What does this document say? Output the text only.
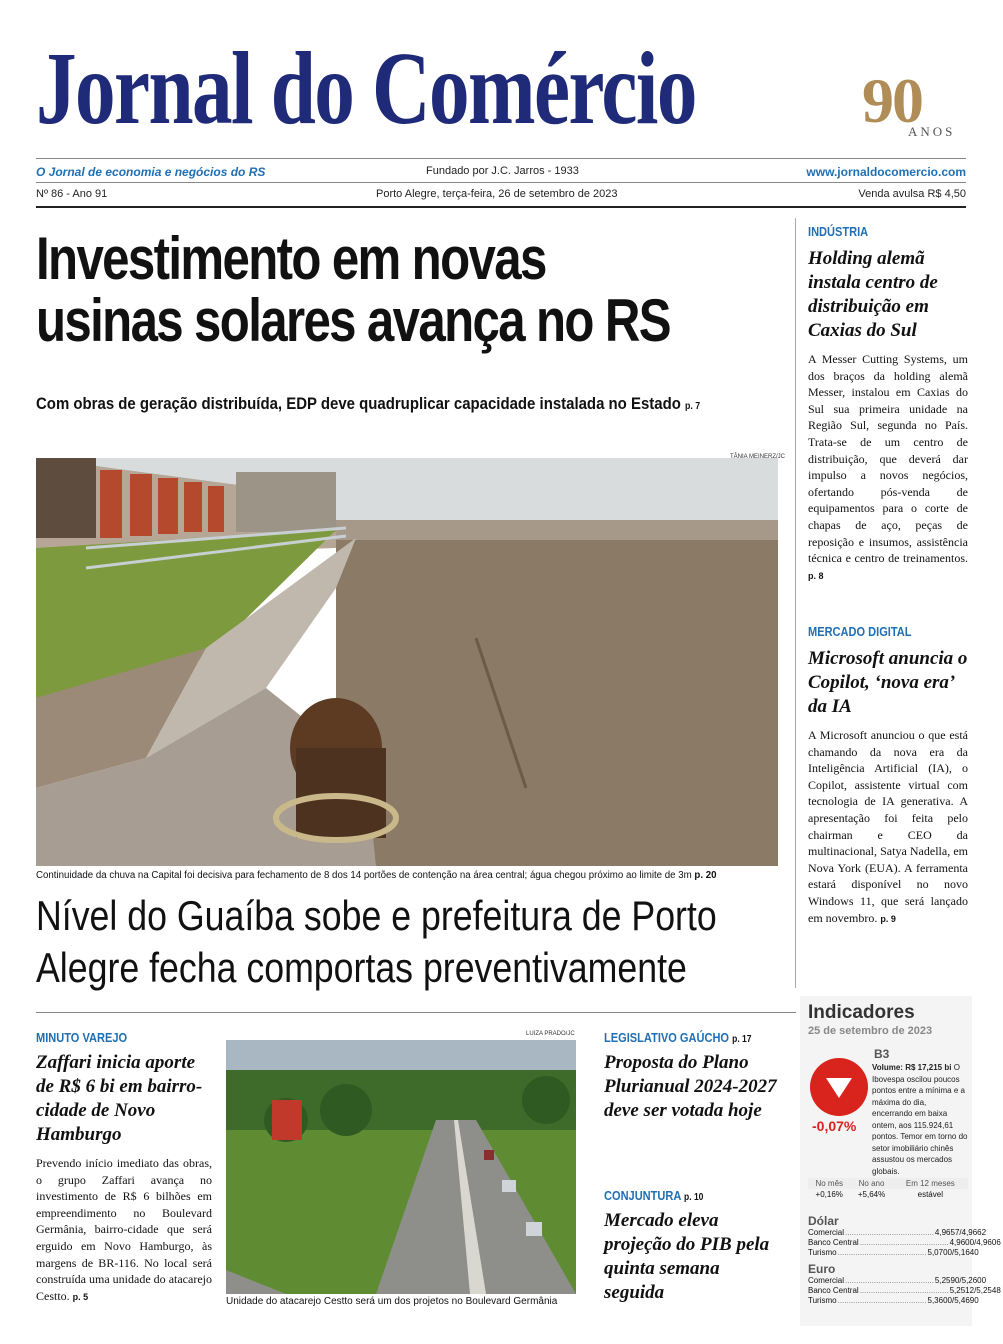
Jornal do Comércio	90
ANOS
O Jornal de economia e negócios do RS	Fundado por J.C. Jarros - 1933	www.jornaldocomercio.com
Nº 86 - Ano 91	Porto Alegre, terça-feira, 26 de setembro de 2023	Venda avulsa R$ 4,50
Investimento em novas
usinas solares avança no RS
Com obras de geração distribuída, EDP deve quadruplicar capacidade instalada no Estado p. 7
TÂNIA MEINERZ/JC
Continuidade da chuva na Capital foi decisiva para fechamento de 8 dos 14 portões de contenção na área central; água chegou próximo ao limite de 3m p. 20
Nível do Guaíba sobe e prefeitura de Porto
Alegre fecha comportas preventivamente
INDÚSTRIA
Holding alemã instala centro de distribuição em Caxias do Sul
A Messer Cutting Systems, um dos braços da holding alemã Messer, instalou em Caxias do Sul sua primeira unidade na Região Sul, segunda no País. Trata-se de um centro de distribuição, que deverá dar impulso a novos negócios, ofertando pós-venda de equipamentos para o corte de chapas de aço, peças de reposição e insumos, assistência técnica e centro de treinamentos. p. 8
MERCADO DIGITAL
Microsoft anuncia o Copilot, ‘nova era’ da IA
A Microsoft anunciou o que está chamando da nova era da Inteligência Artificial (IA), o Copilot, assistente virtual com tecnologia de IA generativa. A apresentação foi feita pelo chairman e CEO da multinacional, Satya Nadella, em Nova York (EUA). A ferramenta estará disponível no novo Windows 11, que será lançado em novembro. p. 9
MINUTO VAREJO
Zaffari inicia aporte de R$ 6 bi em bairro-cidade de Novo Hamburgo
Prevendo início imediato das obras, o grupo Zaffari avança no investimento de R$ 6 bilhões em empreendimento no Boulevard Germânia, bairro-cidade que será erguido em Novo Hamburgo, às margens de BR-116. No local será construída uma unidade do atacarejo Cestto. p. 5
LUIZA PRADO/JC
Unidade do atacarejo Cestto será um dos projetos no Boulevard Germânia
LEGISLATIVO GAÚCHO p. 17
Proposta do Plano Plurianual 2024-2027 deve ser votada hoje
CONJUNTURA p. 10
Mercado eleva projeção do PIB pela quinta semana seguida
Indicadores
25 de setembro de 2023
B3
-0,07%
Volume: R$ 17,215 bi O Ibovespa oscilou poucos pontos entre a mínima e a máxima do dia, encerrando em baixa ontem, aos 115.924,61 pontos. Temor em torno do setor imobiliário chinês assustou os mercados globais.
No mês	No ano	Em 12 meses
+0,16%	+5,64%	estável
Dólar
Comercial ........................................ 4,9657/4,9662
Banco Central ........................................ 4,9600/4,9606
Turismo ........................................ 5,0700/5,1640
Euro
Comercial ........................................ 5,2590/5,2600
Banco Central ........................................ 5,2512/5,2548
Turismo ........................................ 5,3600/5,4690
